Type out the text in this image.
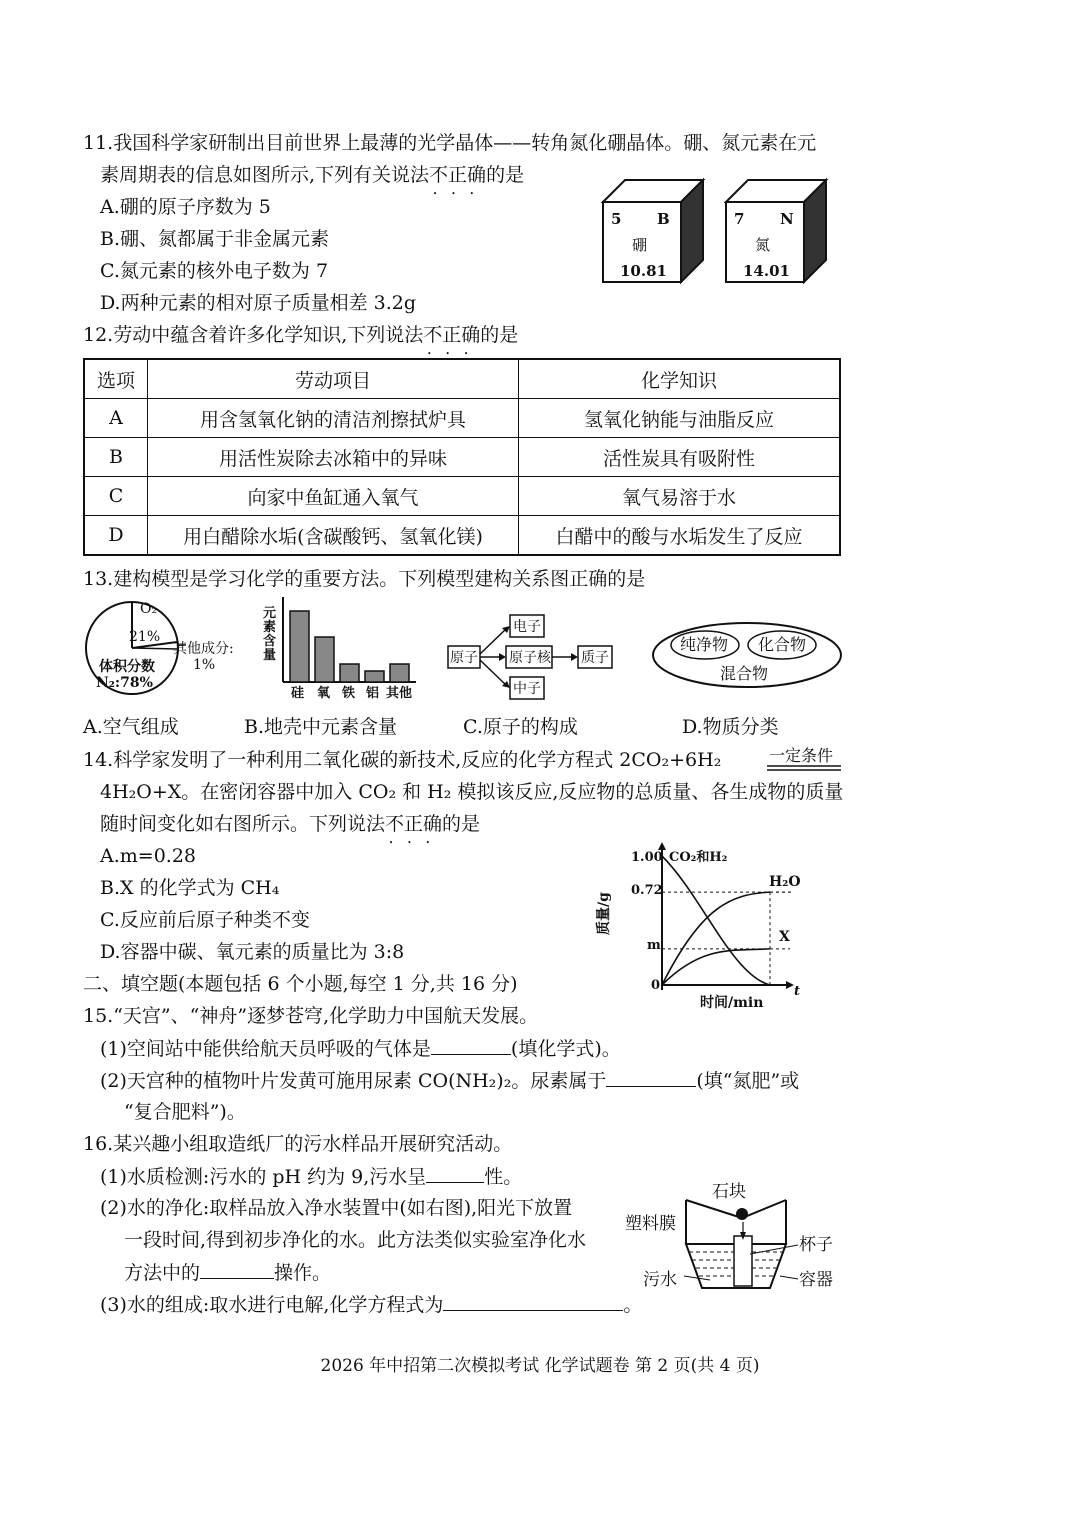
11.我国科学家研制出目前世界上最薄的光学晶体——转角氮化硼晶体。硼、氮元素在元
素周期表的信息如图所示,下列有关说法不正确 • • •的是
A.硼的原子序数为 5
B.硼、氮都属于非金属元素
C.氮元素的核外电子数为 7
D.两种元素的相对原子质量相差 3.2g
5 B
硼
10.81
7 N
氮
14.01
12.劳动中蕴含着许多化学知识,下列说法不正确 • • •的是
选项	劳动项目	化学知识
A	用含氢氧化钠的清洁剂擦拭炉具	氢氧化钠能与油脂反应
B	用活性炭除去冰箱中的异味	活性炭具有吸附性
C	向家中鱼缸通入氧气	氧气易溶于水
D	用白醋除水垢(含碳酸钙、氢氧化镁)	白醋中的酸与水垢发生了反应
13.建构模型是学习化学的重要方法。下列模型建构关系图正确的是
O₂
21%
其他成分:
1%
体积分数
N₂:78%
元素含量
硅 氧 铁 铝 其他
原子
电子
原子核
中子
质子
纯净物 化合物
混合物
A.空气组成	B.地壳中元素含量	C.原子的构成	D.物质分类
14.科学家发明了一种利用二氧化碳的新技术,反应的化学方程式 2CO₂+6H₂	一定条件
4H₂O+X。在密闭容器中加入 CO₂ 和 H₂ 模拟该反应,反应物的总质量、各生成物的质量
随时间变化如右图所示。下列说法不正确 • • •的是
A.m=0.28
B.X 的化学式为 CH₄
C.反应前后原子种类不变
D.容器中碳、氧元素的质量比为 3:8
1.00
0.72
m
0	t
时间/min
质量/g
CO₂和H₂
H₂O
X
二、填空题(本题包括 6 个小题,每空 1 分,共 16 分)
15.“天宫”、“神舟”逐梦苍穹,化学助力中国航天发展。
(1)空间站中能供给航天员呼吸的气体是	(填化学式)。
(2)天宫种的植物叶片发黄可施用尿素 CO(NH₂)₂。尿素属于	(填“氮肥”或
“复合肥料”)。
16.某兴趣小组取造纸厂的污水样品开展研究活动。
(1)水质检测:污水的 pH 约为 9,污水呈	性。
(2)水的净化:取样品放入净水装置中(如右图),阳光下放置
一段时间,得到初步净化的水。此方法类似实验室净化水
方法中的	操作。
(3)水的组成:取水进行电解,化学方程式为	。
石块
塑料膜
杯子
污水	容器
2026 年中招第二次模拟考试 化学试题卷 第 2 页(共 4 页)
